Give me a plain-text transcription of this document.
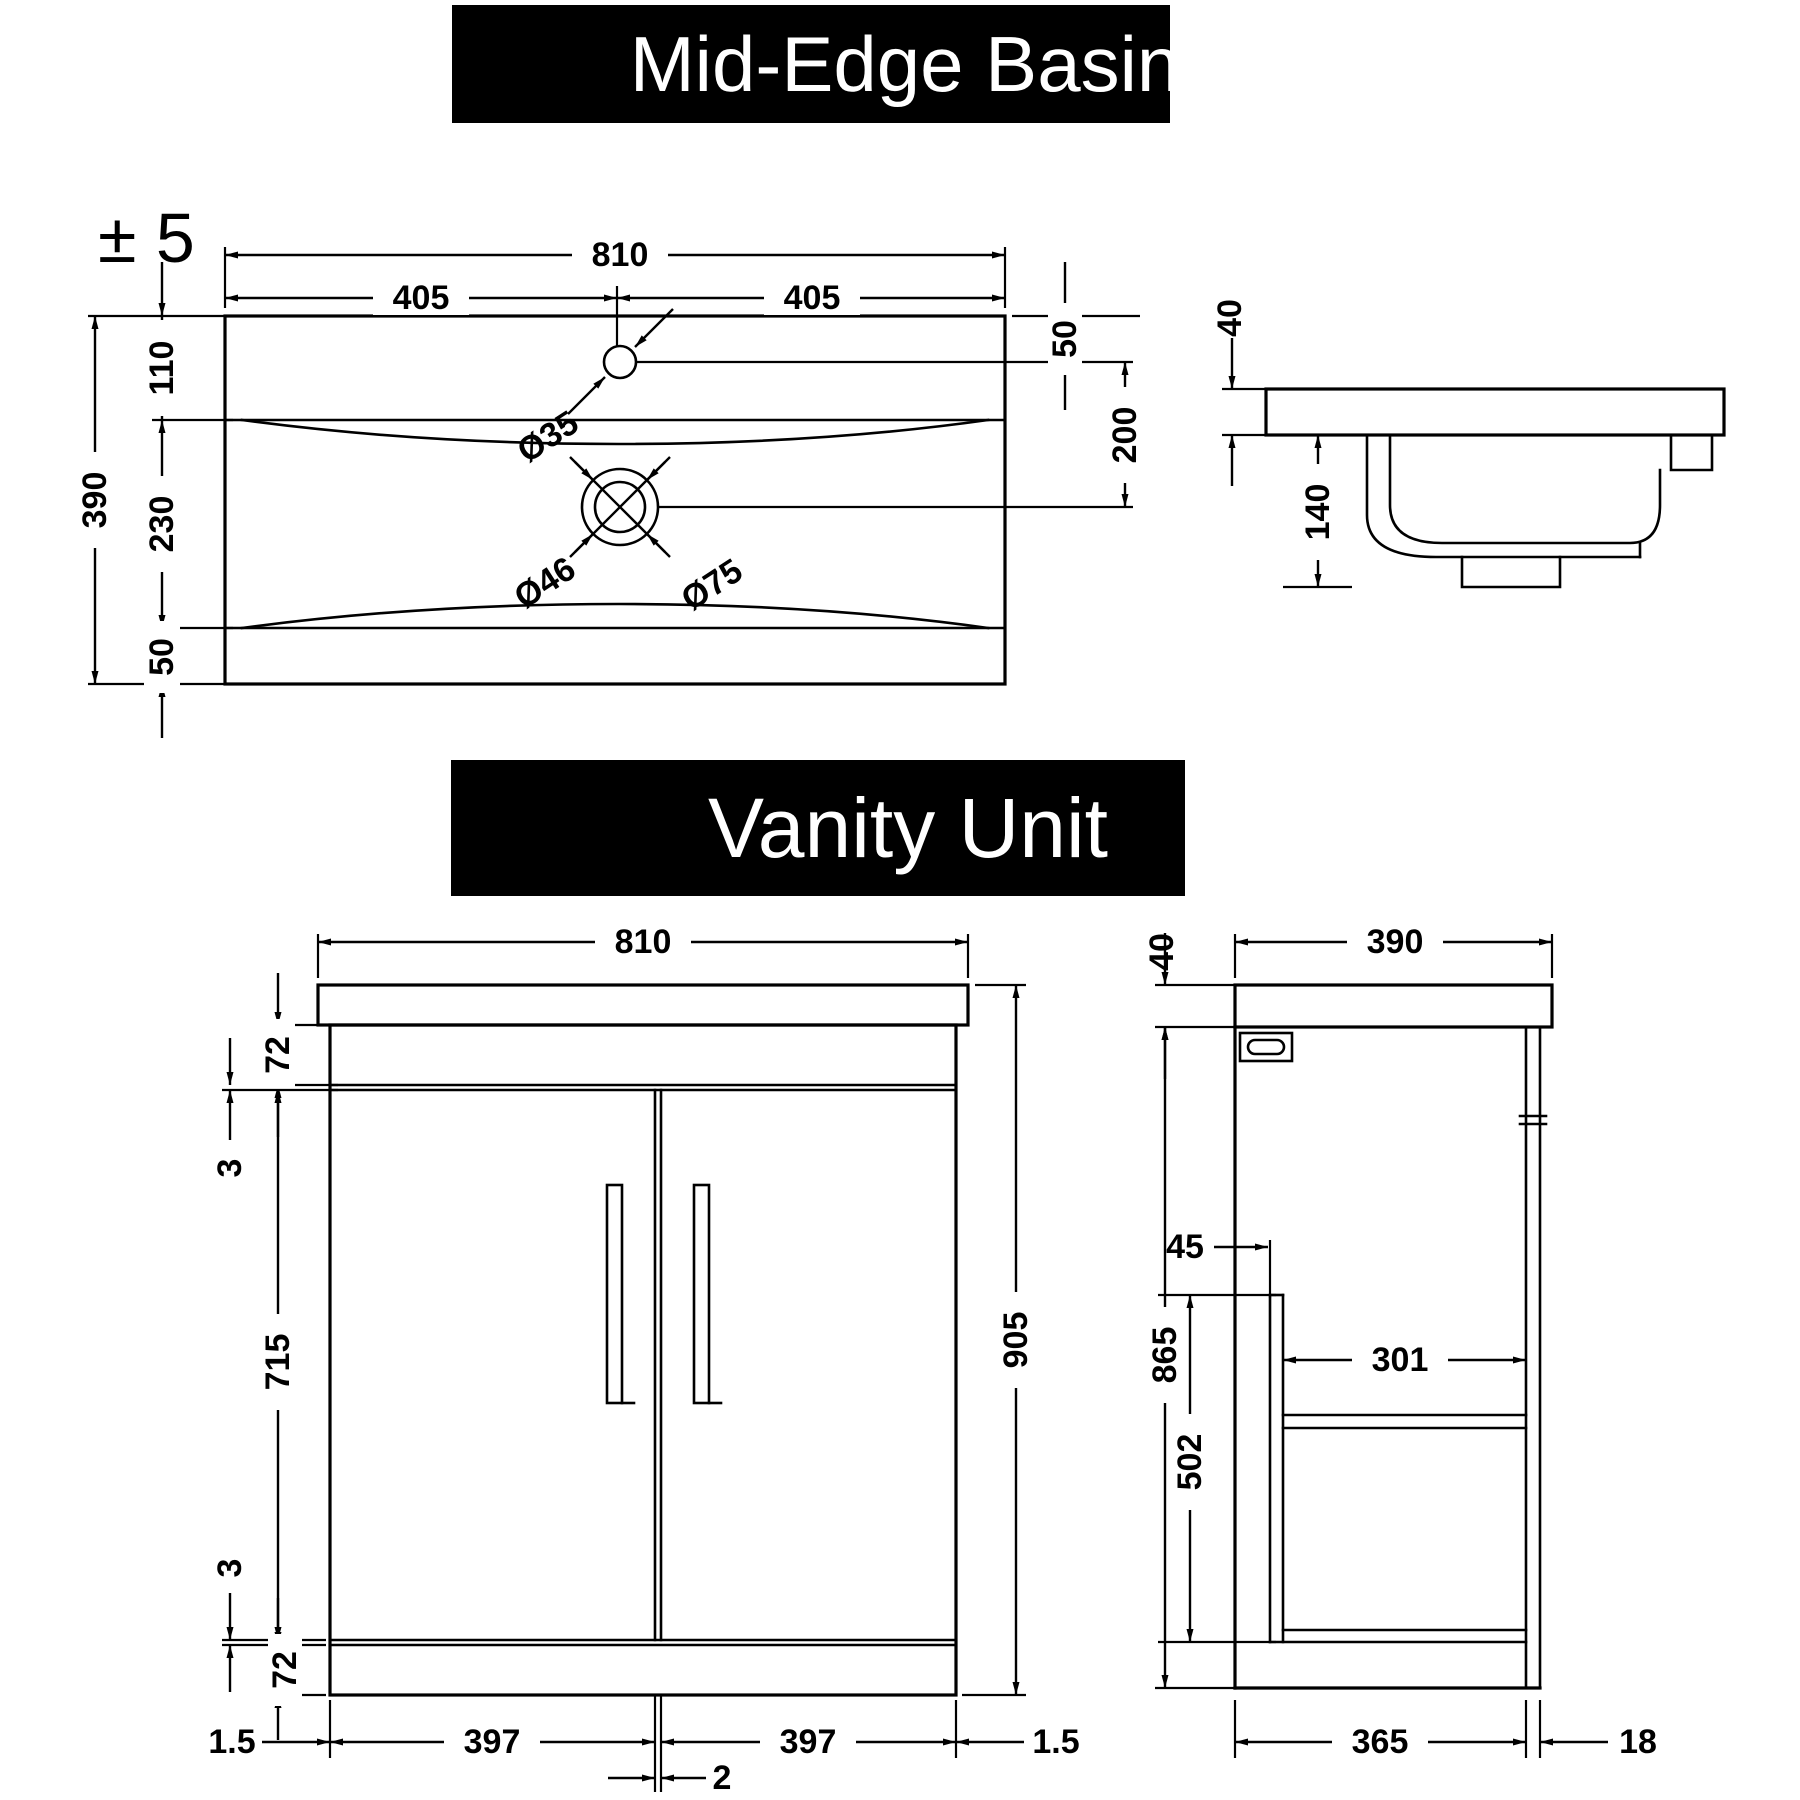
Mid-Edge Basin
± 5
Ø35
Ø46	Ø75
810
405	405
390
110
230
50
50
200
40
140
Vanity Unit
810
72
3
715
3
72
905
1.5	397	397	1.5
2
390
40
865
45
502
301
365	18
